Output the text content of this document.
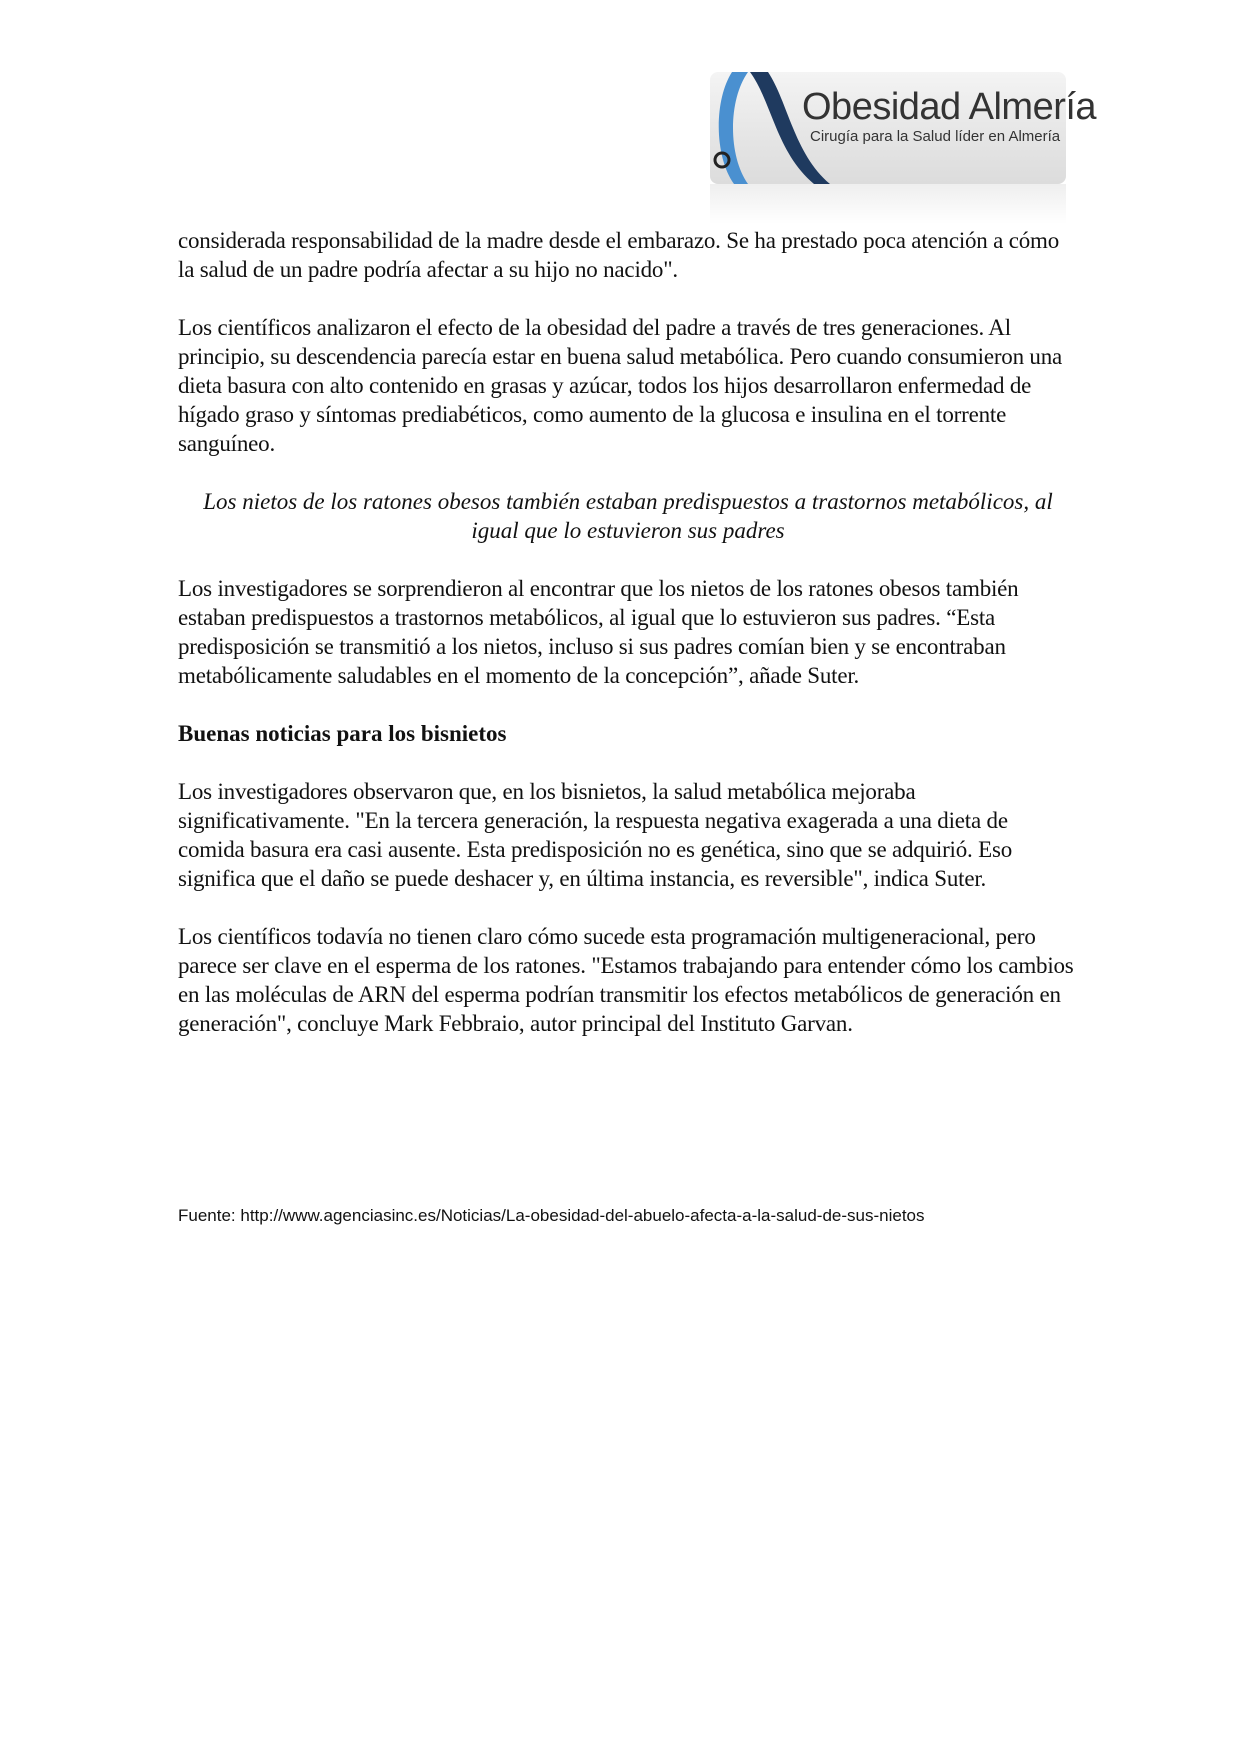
Obesidad Almería
Cirugía para la Salud líder en Almería

considerada responsabilidad de la madre desde el embarazo. Se ha prestado poca atención a cómo la salud de un padre podría afectar a su hijo no nacido".

Los científicos analizaron el efecto de la obesidad del padre a través de tres generaciones. Al principio, su descendencia parecía estar en buena salud metabólica. Pero cuando consumieron una dieta basura con alto contenido en grasas y azúcar, todos los hijos desarrollaron enfermedad de hígado graso y síntomas prediabéticos, como aumento de la glucosa e insulina en el torrente sanguíneo.

Los nietos de los ratones obesos también estaban predispuestos a trastornos metabólicos, al igual que lo estuvieron sus padres

Los investigadores se sorprendieron al encontrar que los nietos de los ratones obesos también estaban predispuestos a trastornos metabólicos, al igual que lo estuvieron sus padres. “Esta predisposición se transmitió a los nietos, incluso si sus padres comían bien y se encontraban metabólicamente saludables en el momento de la concepción”, añade Suter.

Buenas noticias para los bisnietos

Los investigadores observaron que, en los bisnietos, la salud metabólica mejoraba significativamente. "En la tercera generación, la respuesta negativa exagerada a una dieta de comida basura era casi ausente. Esta predisposición no es genética, sino que se adquirió. Eso significa que el daño se puede deshacer y, en última instancia, es reversible", indica Suter.

Los científicos todavía no tienen claro cómo sucede esta programación multigeneracional, pero parece ser clave en el esperma de los ratones. "Estamos trabajando para entender cómo los cambios en las moléculas de ARN del esperma podrían transmitir los efectos metabólicos de generación en generación", concluye Mark Febbraio, autor principal del Instituto Garvan.

Fuente: http://www.agenciasinc.es/Noticias/La-obesidad-del-abuelo-afecta-a-la-salud-de-sus-nietos
